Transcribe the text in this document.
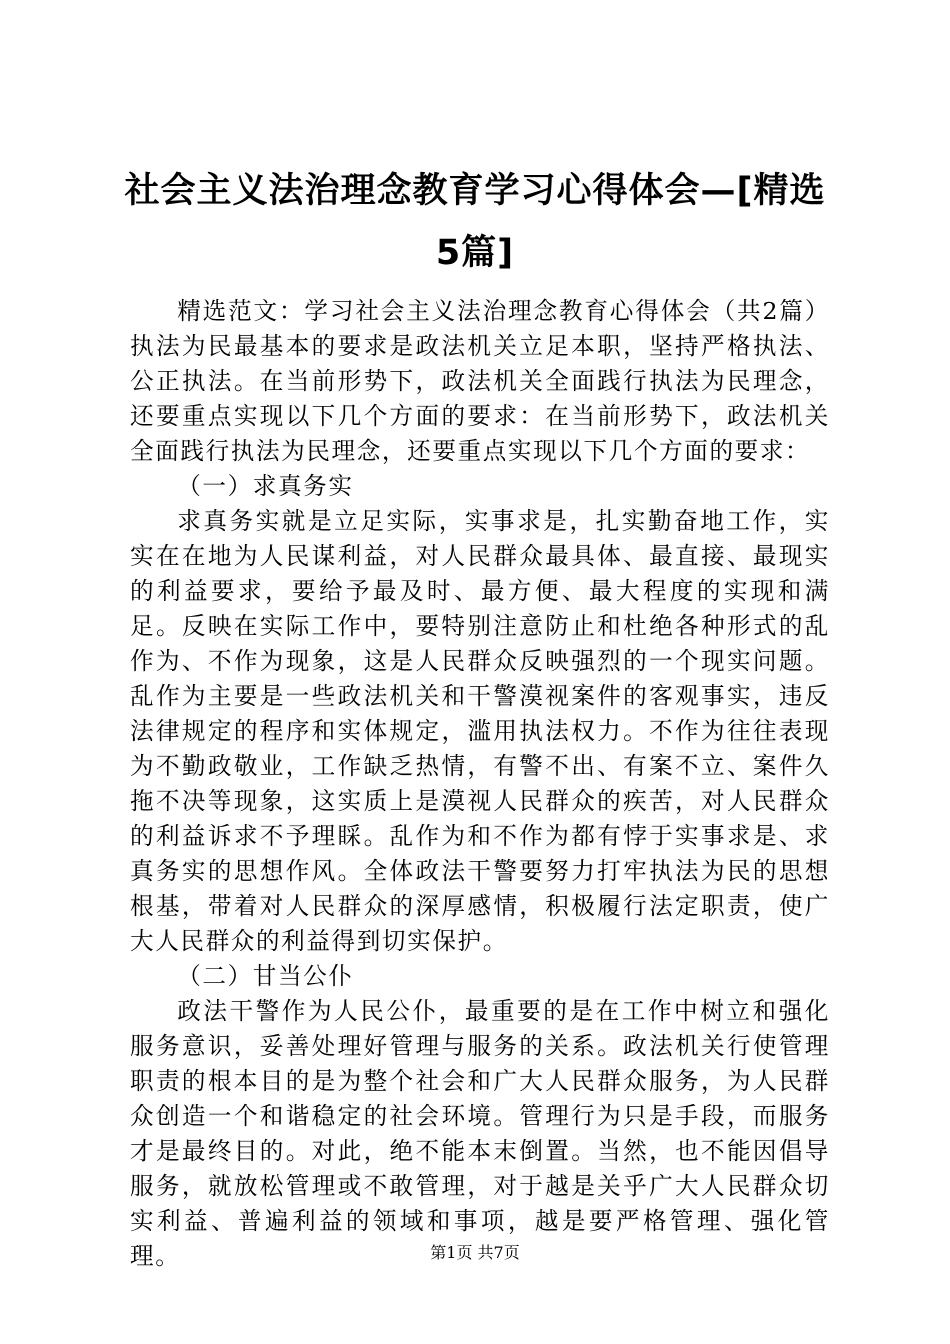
社会主义法治理念教育学习心得体会—[精选5篇]

精选范文：学习社会主义法治理念教育心得体会（共2篇）执法为民最基本的要求是政法机关立足本职，坚持严格执法、公正执法。在当前形势下，政法机关全面践行执法为民理念，还要重点实现以下几个方面的要求：在当前形势下，政法机关全面践行执法为民理念，还要重点实现以下几个方面的要求：

（一）求真务实

求真务实就是立足实际，实事求是，扎实勤奋地工作，实实在在地为人民谋利益，对人民群众最具体、最直接、最现实的利益要求，要给予最及时、最方便、最大程度的实现和满足。反映在实际工作中，要特别注意防止和杜绝各种形式的乱作为、不作为现象，这是人民群众反映强烈的一个现实问题。乱作为主要是一些政法机关和干警漠视案件的客观事实，违反法律规定的程序和实体规定，滥用执法权力。不作为往往表现为不勤政敬业，工作缺乏热情，有警不出、有案不立、案件久拖不决等现象，这实质上是漠视人民群众的疾苦，对人民群众的利益诉求不予理睬。乱作为和不作为都有悖于实事求是、求真务实的思想作风。全体政法干警要努力打牢执法为民的思想根基，带着对人民群众的深厚感情，积极履行法定职责，使广大人民群众的利益得到切实保护。

（二）甘当公仆

政法干警作为人民公仆，最重要的是在工作中树立和强化服务意识，妥善处理好管理与服务的关系。政法机关行使管理职责的根本目的是为整个社会和广大人民群众服务，为人民群众创造一个和谐稳定的社会环境。管理行为只是手段，而服务才是最终目的。对此，绝不能本末倒置。当然，也不能因倡导服务，就放松管理或不敢管理，对于越是关乎广大人民群众切实利益、普遍利益的领域和事项，越是要严格管理、强化管理。	第1页 共7页
